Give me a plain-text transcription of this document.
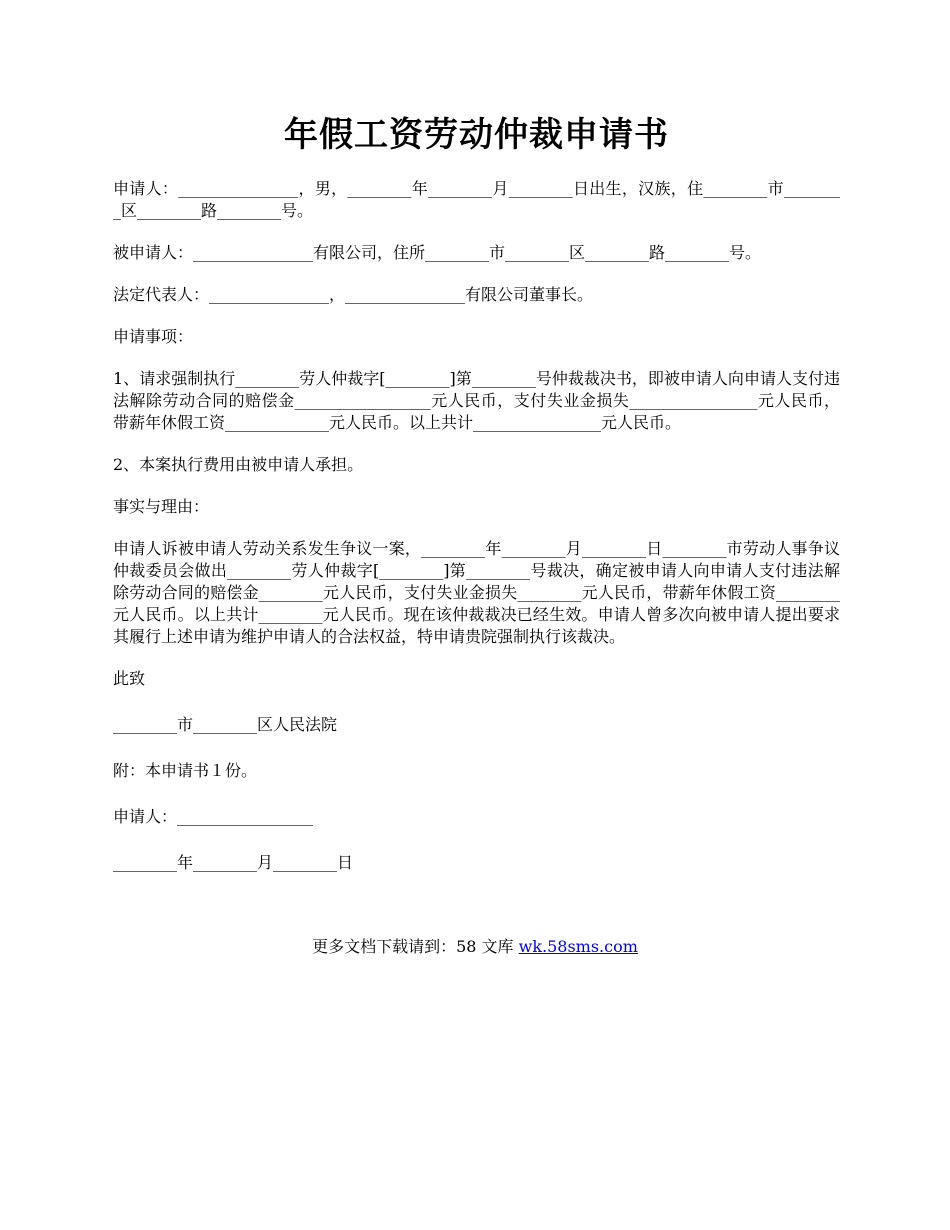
年假工资劳动仲裁申请书

申请人：_______________，男，________年________月________日出生，汉族，住________市________区________路________号。

被申请人：_______________有限公司，住所________市________区________路________号。

法定代表人：_______________，_______________有限公司董事长。

申请事项：

1、请求强制执行________劳人仲裁字[________]第________号仲裁裁决书，即被申请人向申请人支付违法解除劳动合同的赔偿金_________________元人民币，支付失业金损失________________元人民币，带薪年休假工资_____________元人民币。以上共计________________元人民币。

2、本案执行费用由被申请人承担。

事实与理由：

申请人诉被申请人劳动关系发生争议一案，________年________月________日________市劳动人事争议仲裁委员会做出________劳人仲裁字[________]第________号裁决，确定被申请人向申请人支付违法解除劳动合同的赔偿金________元人民币，支付失业金损失________元人民币，带薪年休假工资________元人民币。以上共计________元人民币。现在该仲裁裁决已经生效。申请人曾多次向被申请人提出要求其履行上述申请为维护申请人的合法权益，特申请贵院强制执行该裁决。

此致

________市________区人民法院

附：本申请书１份。

申请人：_________________

________年________月________日

更多文档下载请到：58 文库 wk.58sms.com
